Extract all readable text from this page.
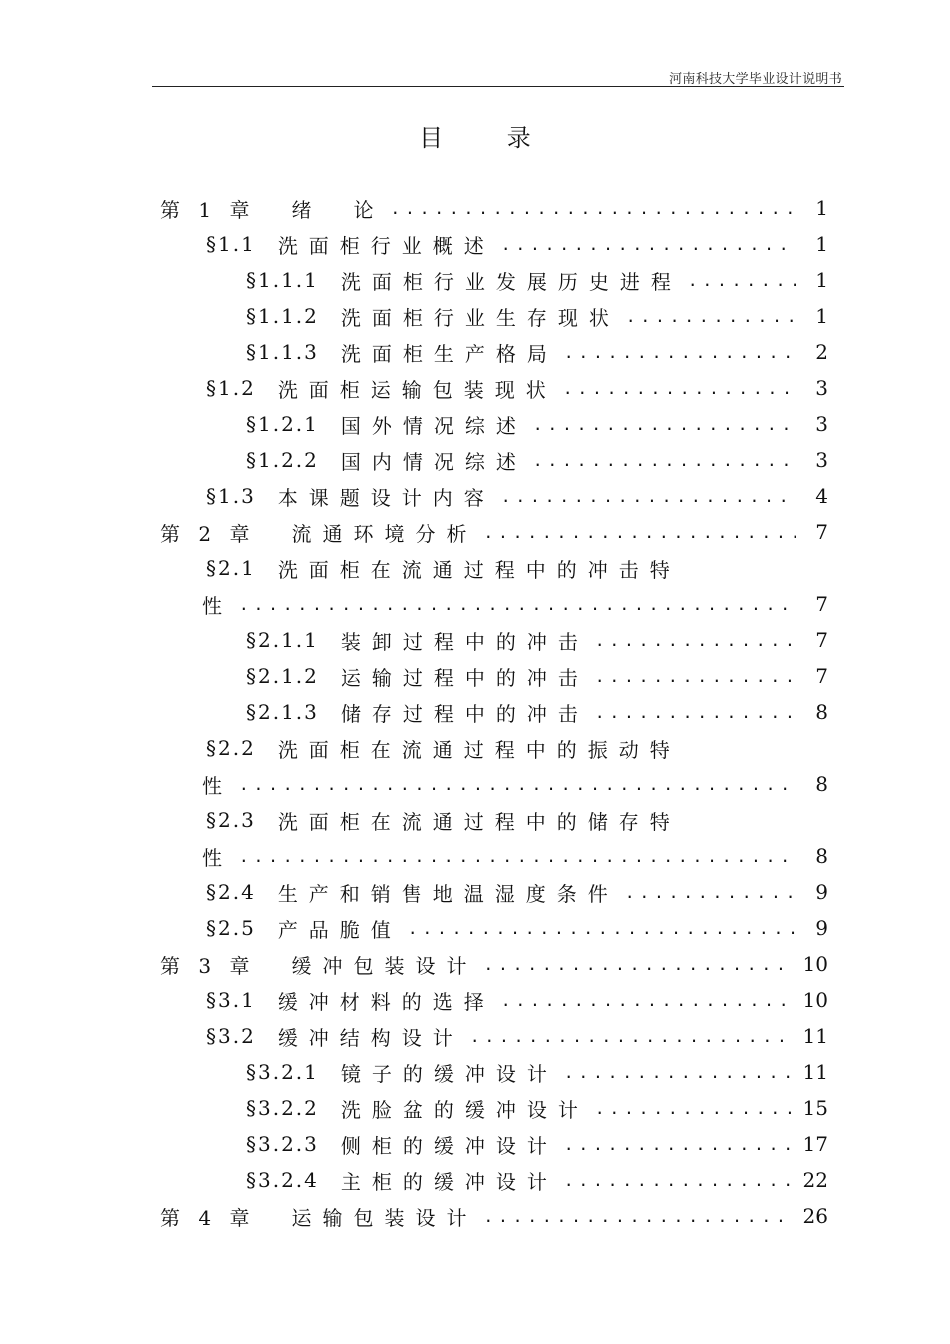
河南科技大学毕业设计说明书
目 录
第 1 章 绪　论 .....	1
§1.1 洗面柜行业概述 .....	1
§1.1.1 洗面柜行业发展历史进程 .....	1
§1.1.2 洗面柜行业生存现状 .....	1
§1.1.3 洗面柜生产格局 .....	2
§1.2 洗面柜运输包装现状 .....	3
§1.2.1 国外情况综述 .....	3
§1.2.2 国内情况综述 .....	3
§1.3 本课题设计内容 .....	4
第 2 章 流通环境分析 .....	7
§2.1 洗面柜在流通过程中的冲击特
性 .....	7
§2.1.1 装卸过程中的冲击 .....	7
§2.1.2 运输过程中的冲击 .....	7
§2.1.3 储存过程中的冲击 .....	8
§2.2 洗面柜在流通过程中的振动特
性 .....	8
§2.3 洗面柜在流通过程中的储存特
性 .....	8
§2.4 生产和销售地温湿度条件 .....	9
§2.5 产品脆值 .....	9
第 3 章 缓冲包装设计 .....	10
§3.1 缓冲材料的选择 .....	10
§3.2 缓冲结构设计 .....	11
§3.2.1 镜子的缓冲设计 .....	11
§3.2.2 洗脸盆的缓冲设计 .....	15
§3.2.3 侧柜的缓冲设计 .....	17
§3.2.4 主柜的缓冲设计 .....	22
第 4 章 运输包装设计 .....	26
